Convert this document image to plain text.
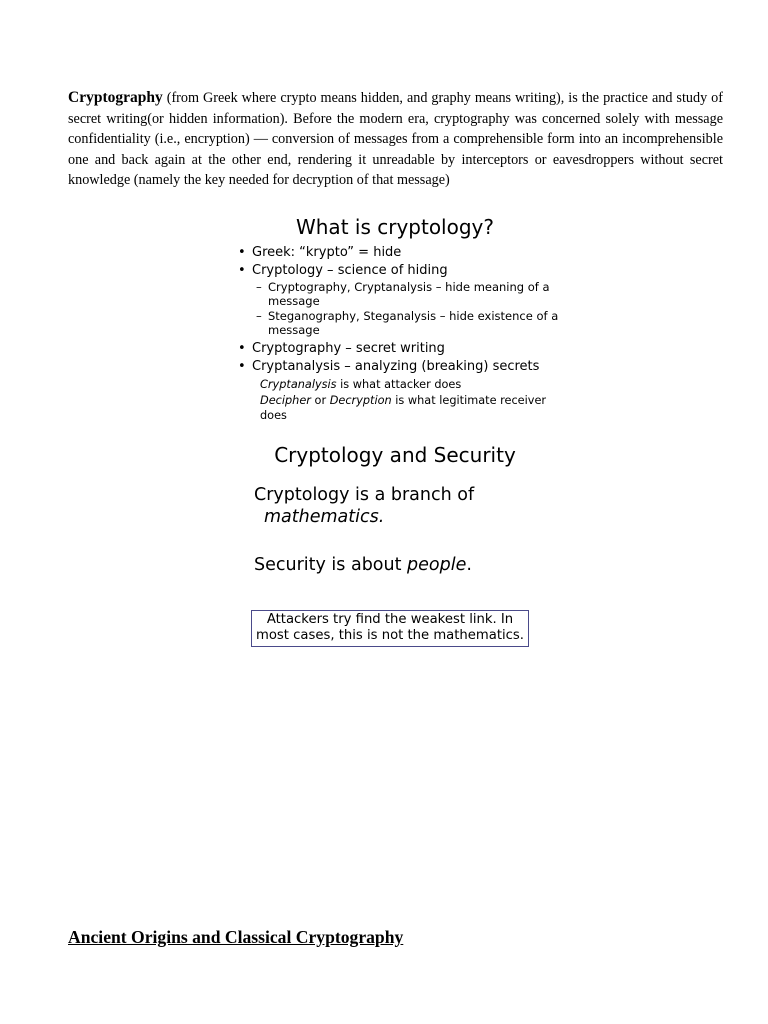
Cryptography (from Greek where crypto means hidden, and graphy means writing), is the practice and study of secret writing(or hidden information). Before the modern era, cryptography was concerned solely with message confidentiality (i.e., encryption) — conversion of messages from a comprehensible form into an incomprehensible one and back again at the other end, rendering it unreadable by interceptors or eavesdroppers without secret knowledge (namely the key needed for decryption of that message)

What is cryptology?
• Greek: “krypto” = hide
• Cryptology – science of hiding
– Cryptography, Cryptanalysis – hide meaning of a message
– Steganography, Steganalysis – hide existence of a message
• Cryptography – secret writing
• Cryptanalysis – analyzing (breaking) secrets
Cryptanalysis is what attacker does
Decipher or Decryption is what legitimate receiver does
Cryptology and Security
Cryptology is a branch of
mathematics.
Security is about people.
Attackers try find the weakest link. In most cases, this is not the mathematics.
Ancient Origins and Classical Cryptography
